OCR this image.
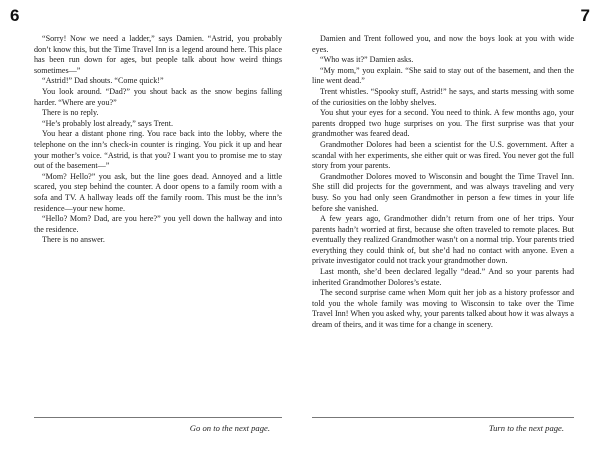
6

“Sorry! Now we need a ladder,” says Damien. “Astrid, you probably don’t know this, but the Time Travel Inn is a legend around here. This place has been run down for ages, but people talk about how weird things sometimes—”

“Astrid!” Dad shouts. “Come quick!”

You look around. “Dad?” you shout back as the snow begins falling harder. “Where are you?”

There is no reply.

“He’s probably lost already,” says Trent.

You hear a distant phone ring. You race back into the lobby, where the telephone on the inn’s check-in counter is ringing. You pick it up and hear your mother’s voice. “Astrid, is that you? I want you to promise me to stay out of the basement—”

“Mom? Hello?” you ask, but the line goes dead. Annoyed and a little scared, you step behind the counter. A door opens to a family room with a sofa and TV. A hallway leads off the family room. This must be the inn’s residence—your new home.

“Hello? Mom? Dad, are you here?” you yell down the hallway and into the residence.

There is no answer.

Go on to the next page.
7

Damien and Trent followed you, and now the boys look at you with wide eyes.

“Who was it?” Damien asks.

“My mom,” you explain. “She said to stay out of the basement, and then the line went dead.”

Trent whistles. “Spooky stuff, Astrid!” he says, and starts messing with some of the curiosities on the lobby shelves.

You shut your eyes for a second. You need to think. A few months ago, your parents dropped two huge surprises on you. The first surprise was that your grandmother was feared dead.

Grandmother Dolores had been a scientist for the U.S. government. After a scandal with her experiments, she either quit or was fired. You never got the full story from your parents.

Grandmother Dolores moved to Wisconsin and bought the Time Travel Inn. She still did projects for the government, and was always traveling and very busy. So you had only seen Grandmother in person a few times in your life before she vanished.

A few years ago, Grandmother didn’t return from one of her trips. Your parents hadn’t worried at first, because she often traveled to remote places. But eventually they realized Grandmother wasn’t on a normal trip. Your parents tried everything they could think of, but she’d had no contact with anyone. Even a private investigator could not track your grandmother down.

Last month, she’d been declared legally “dead.” And so your parents had inherited Grandmother Dolores’s estate.

The second surprise came when Mom quit her job as a history professor and told you the whole family was moving to Wisconsin to take over the Time Travel Inn! When you asked why, your parents talked about how it was always a dream of theirs, and it was time for a change in scenery.

Turn to the next page.
